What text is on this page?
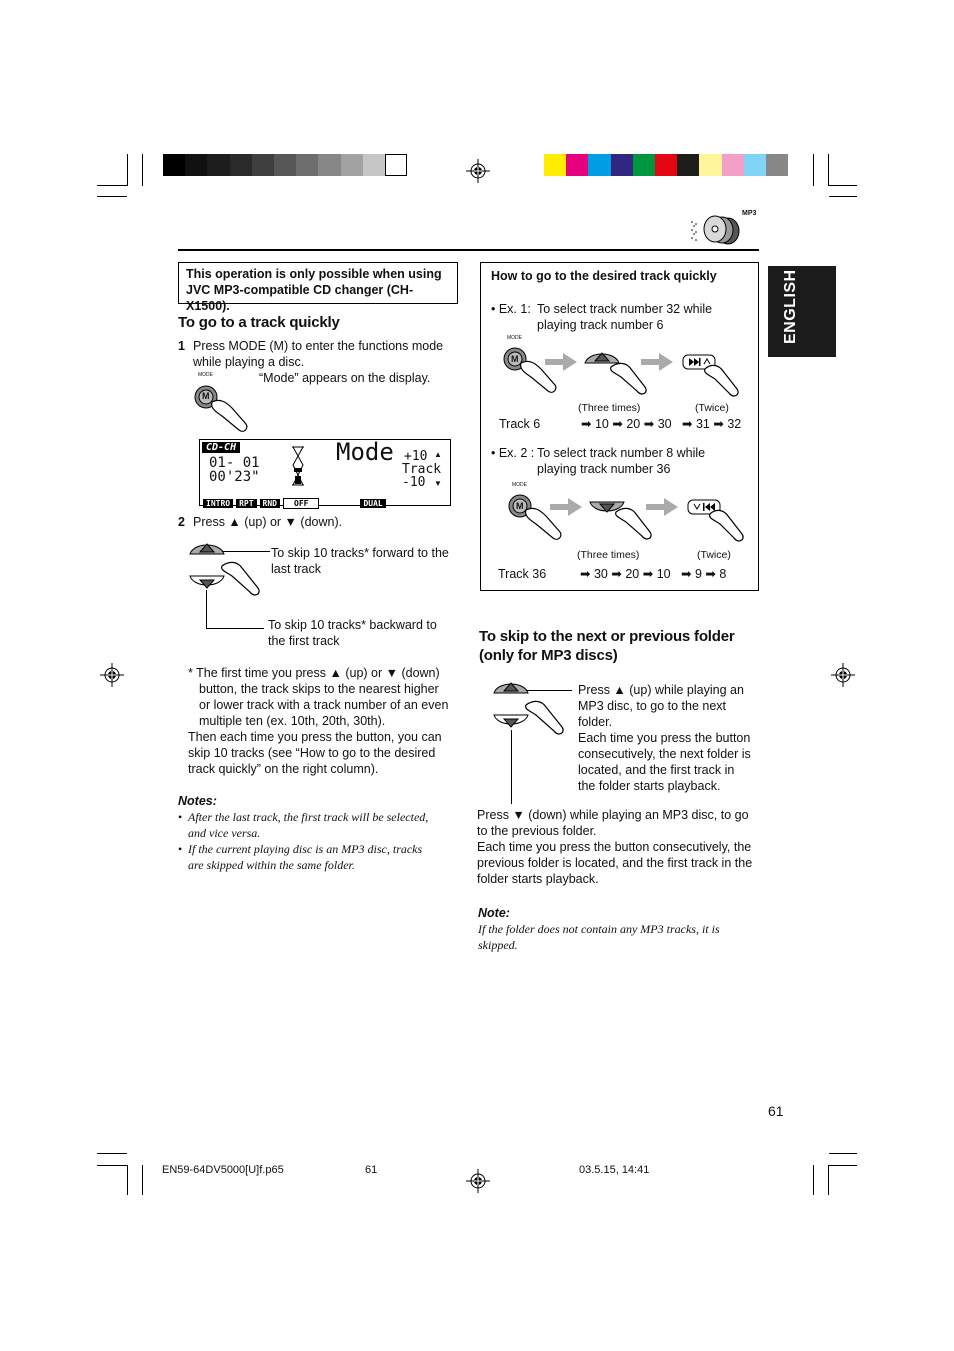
MP3
ENGLISH
This operation is only possible when using
JVC MP3-compatible CD changer (CH-X1500).
To go to a track quickly
1 Press MODE (M) to enter the functions mode
while playing a disc.
“Mode” appears on the display.
MODE
M
CD-CH
01- 01
00'23"
Mode +10
Track
-10
▲
▼
INTRO RPT RND OFF	DUAL
2 Press ▲ (up) or ▼ (down).
To skip 10 tracks* forward to the
last track
To skip 10 tracks* backward to
the first track
* The first time you press ▲ (up) or ▼ (down)
button, the track skips to the nearest higher
or lower track with a track number of an even
multiple ten (ex. 10th, 20th, 30th).
Then each time you press the button, you can
skip 10 tracks (see “How to go to the desired
track quickly” on the right column).
Notes:
• After the last track, the first track will be selected,
and vice versa.
• If the current playing disc is an MP3 disc, tracks
are skipped within the same folder.
How to go to the desired track quickly
• Ex. 1: To select track number 32 while
playing track number 6
MODE
M
(Three times)	(Twice)
Track 6	➡ 10 ➡ 20 ➡ 30 ➡ 31 ➡ 32
• Ex. 2 : To select track number 8 while
playing track number 36
MODE
M
(Three times)	(Twice)
Track 36	➡ 30 ➡ 20 ➡ 10 ➡ 9 ➡ 8
To skip to the next or previous folder
(only for MP3 discs)
Press ▲ (up) while playing an
MP3 disc, to go to the next
folder.
Each time you press the button
consecutively, the next folder is
located, and the first track in
the folder starts playback.
Press ▼ (down) while playing an MP3 disc, to go
to the previous folder.
Each time you press the button consecutively, the
previous folder is located, and the first track in the
folder starts playback.
Note:
If the folder does not contain any MP3 tracks, it is
skipped.
61
EN59-64DV5000[U]f.p65	61	03.5.15, 14:41
